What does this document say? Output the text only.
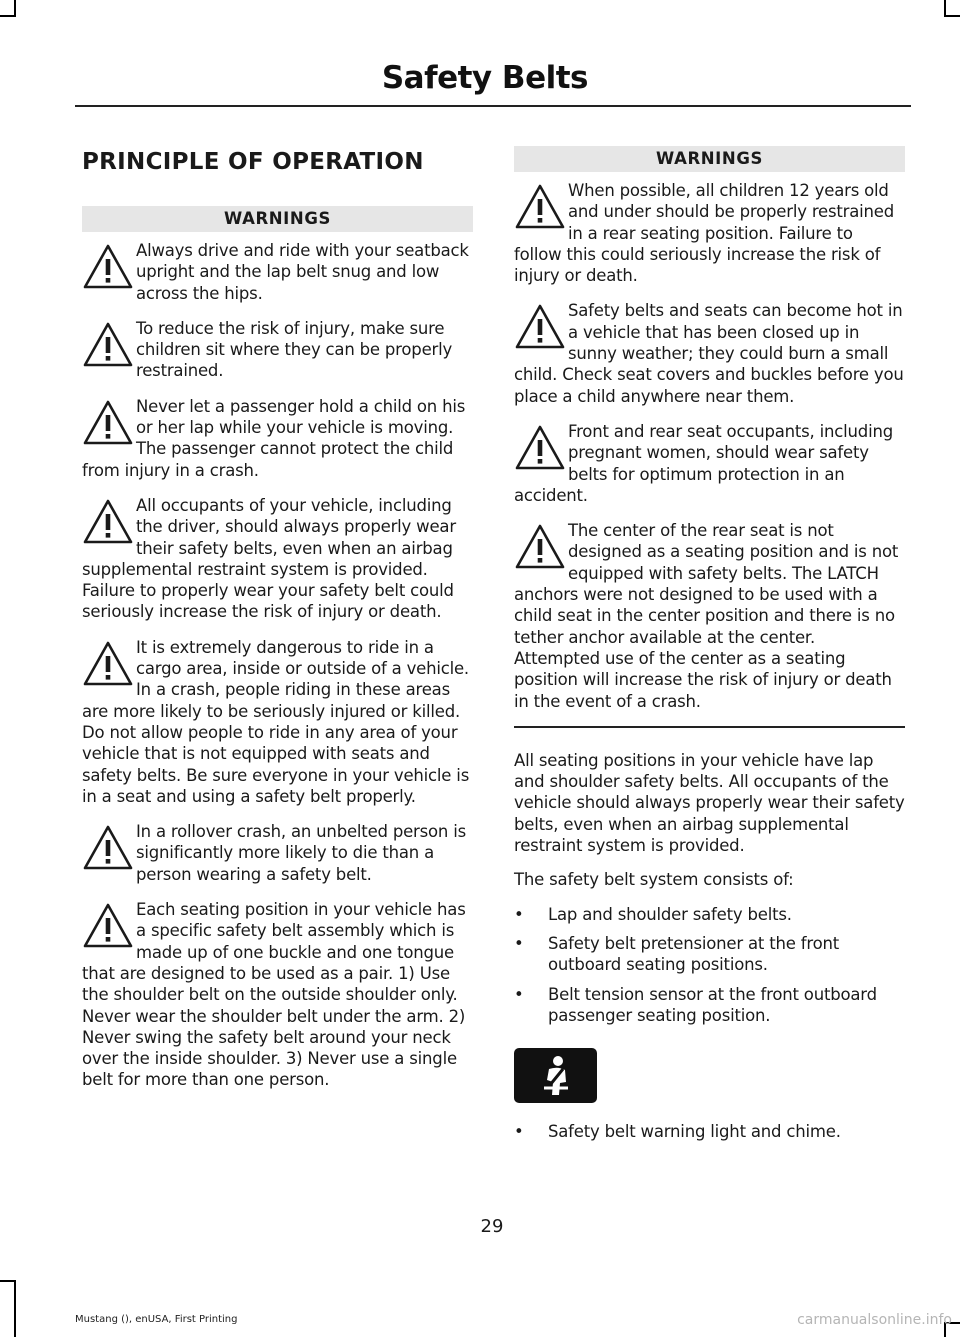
Safety Belts
PRINCIPLE OF OPERATION
WARNINGS
Always drive and ride with your seatback upright and the lap belt snug and low across the hips.
To reduce the risk of injury, make sure children sit where they can be properly restrained.
Never let a passenger hold a child on his or her lap while your vehicle is moving. The passenger cannot protect the child from injury in a crash.
All occupants of your vehicle, including the driver, should always properly wear their safety belts, even when an airbag supplemental restraint system is provided. Failure to properly wear your safety belt could seriously increase the risk of injury or death.
It is extremely dangerous to ride in a cargo area, inside or outside of a vehicle. In a crash, people riding in these areas are more likely to be seriously injured or killed. Do not allow people to ride in any area of your vehicle that is not equipped with seats and safety belts. Be sure everyone in your vehicle is in a seat and using a safety belt properly.
In a rollover crash, an unbelted person is significantly more likely to die than a person wearing a safety belt.
Each seating position in your vehicle has a specific safety belt assembly which is made up of one buckle and one tongue that are designed to be used as a pair. 1) Use the shoulder belt on the outside shoulder only. Never wear the shoulder belt under the arm. 2) Never swing the safety belt around your neck over the inside shoulder. 3) Never use a single belt for more than one person.
WARNINGS
When possible, all children 12 years old and under should be properly restrained in a rear seating position. Failure to follow this could seriously increase the risk of injury or death.
Safety belts and seats can become hot in a vehicle that has been closed up in sunny weather; they could burn a small child. Check seat covers and buckles before you place a child anywhere near them.
Front and rear seat occupants, including pregnant women, should wear safety belts for optimum protection in an accident.
The center of the rear seat is not designed as a seating position and is not equipped with safety belts. The LATCH anchors were not designed to be used with a child seat in the center position and there is no tether anchor available at the center. Attempted use of the center as a seating position will increase the risk of injury or death in the event of a crash.

All seating positions in your vehicle have lap and shoulder safety belts. All occupants of the vehicle should always properly wear their safety belts, even when an airbag supplemental restraint system is provided.

The safety belt system consists of:

• Lap and shoulder safety belts.
• Safety belt pretensioner at the front outboard seating positions.
• Belt tension sensor at the front outboard passenger seating position.
• Safety belt warning light and chime.
29
Mustang (), enUSA, First Printing	carmanualsonline.info
